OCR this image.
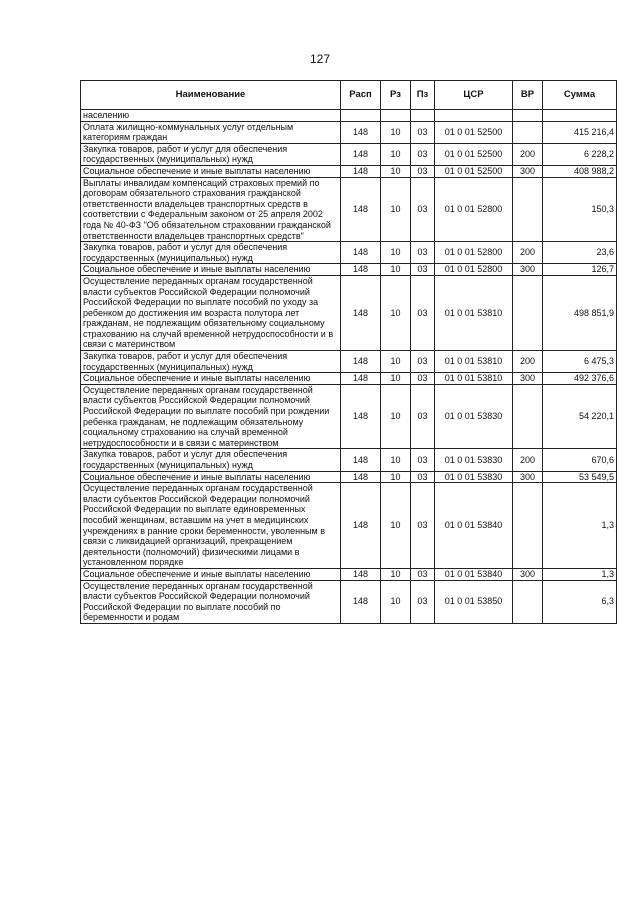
127
Наименование	Расп	Рз	Пз	ЦСР	ВР	Сумма
населению						
Оплата жилищно-коммунальных услуг отдельным категориям граждан	148	10	03	01 0 01 52500		415 216,4
Закупка товаров, работ и услуг для обеспечения государственных (муниципальных) нужд	148	10	03	01 0 01 52500	200	6 228,2
Социальное обеспечение и иные выплаты населению	148	10	03	01 0 01 52500	300	408 988,2
Выплаты инвалидам компенсаций страховых премий по договорам обязательного страхования гражданской ответственности владельцев транспортных средств в соответствии с Федеральным законом от 25 апреля 2002 года № 40-ФЗ "Об обязательном страховании гражданской ответственности владельцев транспортных средств"	148	10	03	01 0 01 52800		150,3
Закупка товаров, работ и услуг для обеспечения государственных (муниципальных) нужд	148	10	03	01 0 01 52800	200	23,6
Социальное обеспечение и иные выплаты населению	148	10	03	01 0 01 52800	300	126,7
Осуществление переданных органам государственной власти субъектов Российской Федерации полномочий Российской Федерации по выплате пособий по уходу за ребенком до достижения им возраста полутора лет гражданам, не подлежащим обязательному социальному страхованию на случай временной нетрудоспособности и в связи с материнством	148	10	03	01 0 01 53810		498 851,9
Закупка товаров, работ и услуг для обеспечения государственных (муниципальных) нужд	148	10	03	01 0 01 53810	200	6 475,3
Социальное обеспечение и иные выплаты населению	148	10	03	01 0 01 53810	300	492 376,6
Осуществление переданных органам государственной власти субъектов Российской Федерации полномочий Российской Федерации по выплате пособий при рождении ребенка гражданам, не подлежащим обязательному социальному страхованию на случай временной нетрудоспособности и в связи с материнством	148	10	03	01 0 01 53830		54 220,1
Закупка товаров, работ и услуг для обеспечения государственных (муниципальных) нужд	148	10	03	01 0 01 53830	200	670,6
Социальное обеспечение и иные выплаты населению	148	10	03	01 0 01 53830	300	53 549,5
Осуществление переданных органам государственной власти субъектов Российской Федерации полномочий Российской Федерации по выплате единовременных пособий женщинам, вставшим на учет в медицинских учреждениях в ранние сроки беременности, уволенным в связи с ликвидацией организаций, прекращением деятельности (полномочий) физическими лицами в установленном порядке	148	10	03	01 0 01 53840		1,3
Социальное обеспечение и иные выплаты населению	148	10	03	01 0 01 53840	300	1,3
Осуществление переданных органам государственной власти субъектов Российской Федерации полномочий Российской Федерации по выплате пособий по беременности и родам	148	10	03	01 0 01 53850		6,3
